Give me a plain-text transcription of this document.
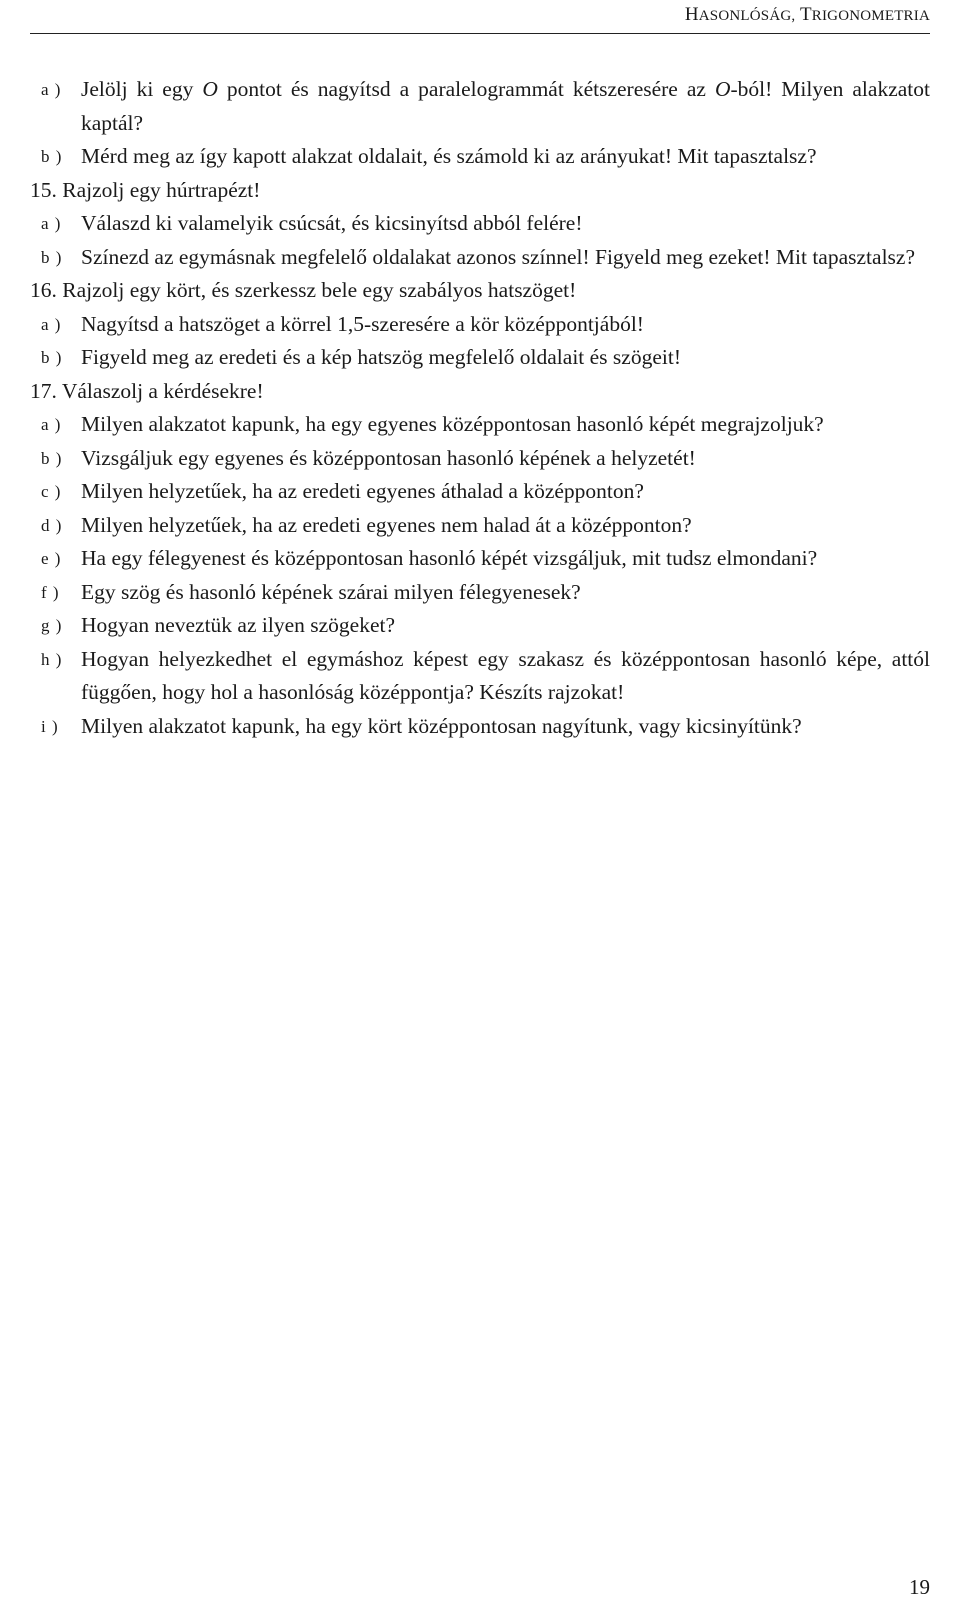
HASONLÓSÁG, TRIGONOMETRIA
a ) Jelölj ki egy O pontot és nagyítsd a paralelogrammát kétszeresére az O-ból! Milyen alakzatot kaptál?
b ) Mérd meg az így kapott alakzat oldalait, és számold ki az arányukat! Mit tapasztalsz?
15. Rajzolj egy húrtrapézt!
a ) Válaszd ki valamelyik csúcsát, és kicsinyítsd abból felére!
b ) Színezd az egymásnak megfelelő oldalakat azonos színnel! Figyeld meg ezeket! Mit tapasztalsz?
16. Rajzolj egy kört, és szerkessz bele egy szabályos hatszöget!
a ) Nagyítsd a hatszöget a körrel 1,5-szeresére a kör középpontjából!
b ) Figyeld meg az eredeti és a kép hatszög megfelelő oldalait és szögeit!
17. Válaszolj a kérdésekre!
a ) Milyen alakzatot kapunk, ha egy egyenes középpontosan hasonló képét megrajzoljuk?
b ) Vizsgáljuk egy egyenes és középpontosan hasonló képének a helyzetét!
c ) Milyen helyzetűek, ha az eredeti egyenes áthalad a középponton?
d ) Milyen helyzetűek, ha az eredeti egyenes nem halad át a középponton?
e ) Ha egy félegyenest és középpontosan hasonló képét vizsgáljuk, mit tudsz elmondani?
f ) Egy szög és hasonló képének szárai milyen félegyenesek?
g ) Hogyan neveztük az ilyen szögeket?
h ) Hogyan helyezkedhet el egymáshoz képest egy szakasz és középpontosan hasonló képe, attól függően, hogy hol a hasonlóság középpontja? Készíts rajzokat!
i ) Milyen alakzatot kapunk, ha egy kört középpontosan nagyítunk, vagy kicsinyítünk?
19
